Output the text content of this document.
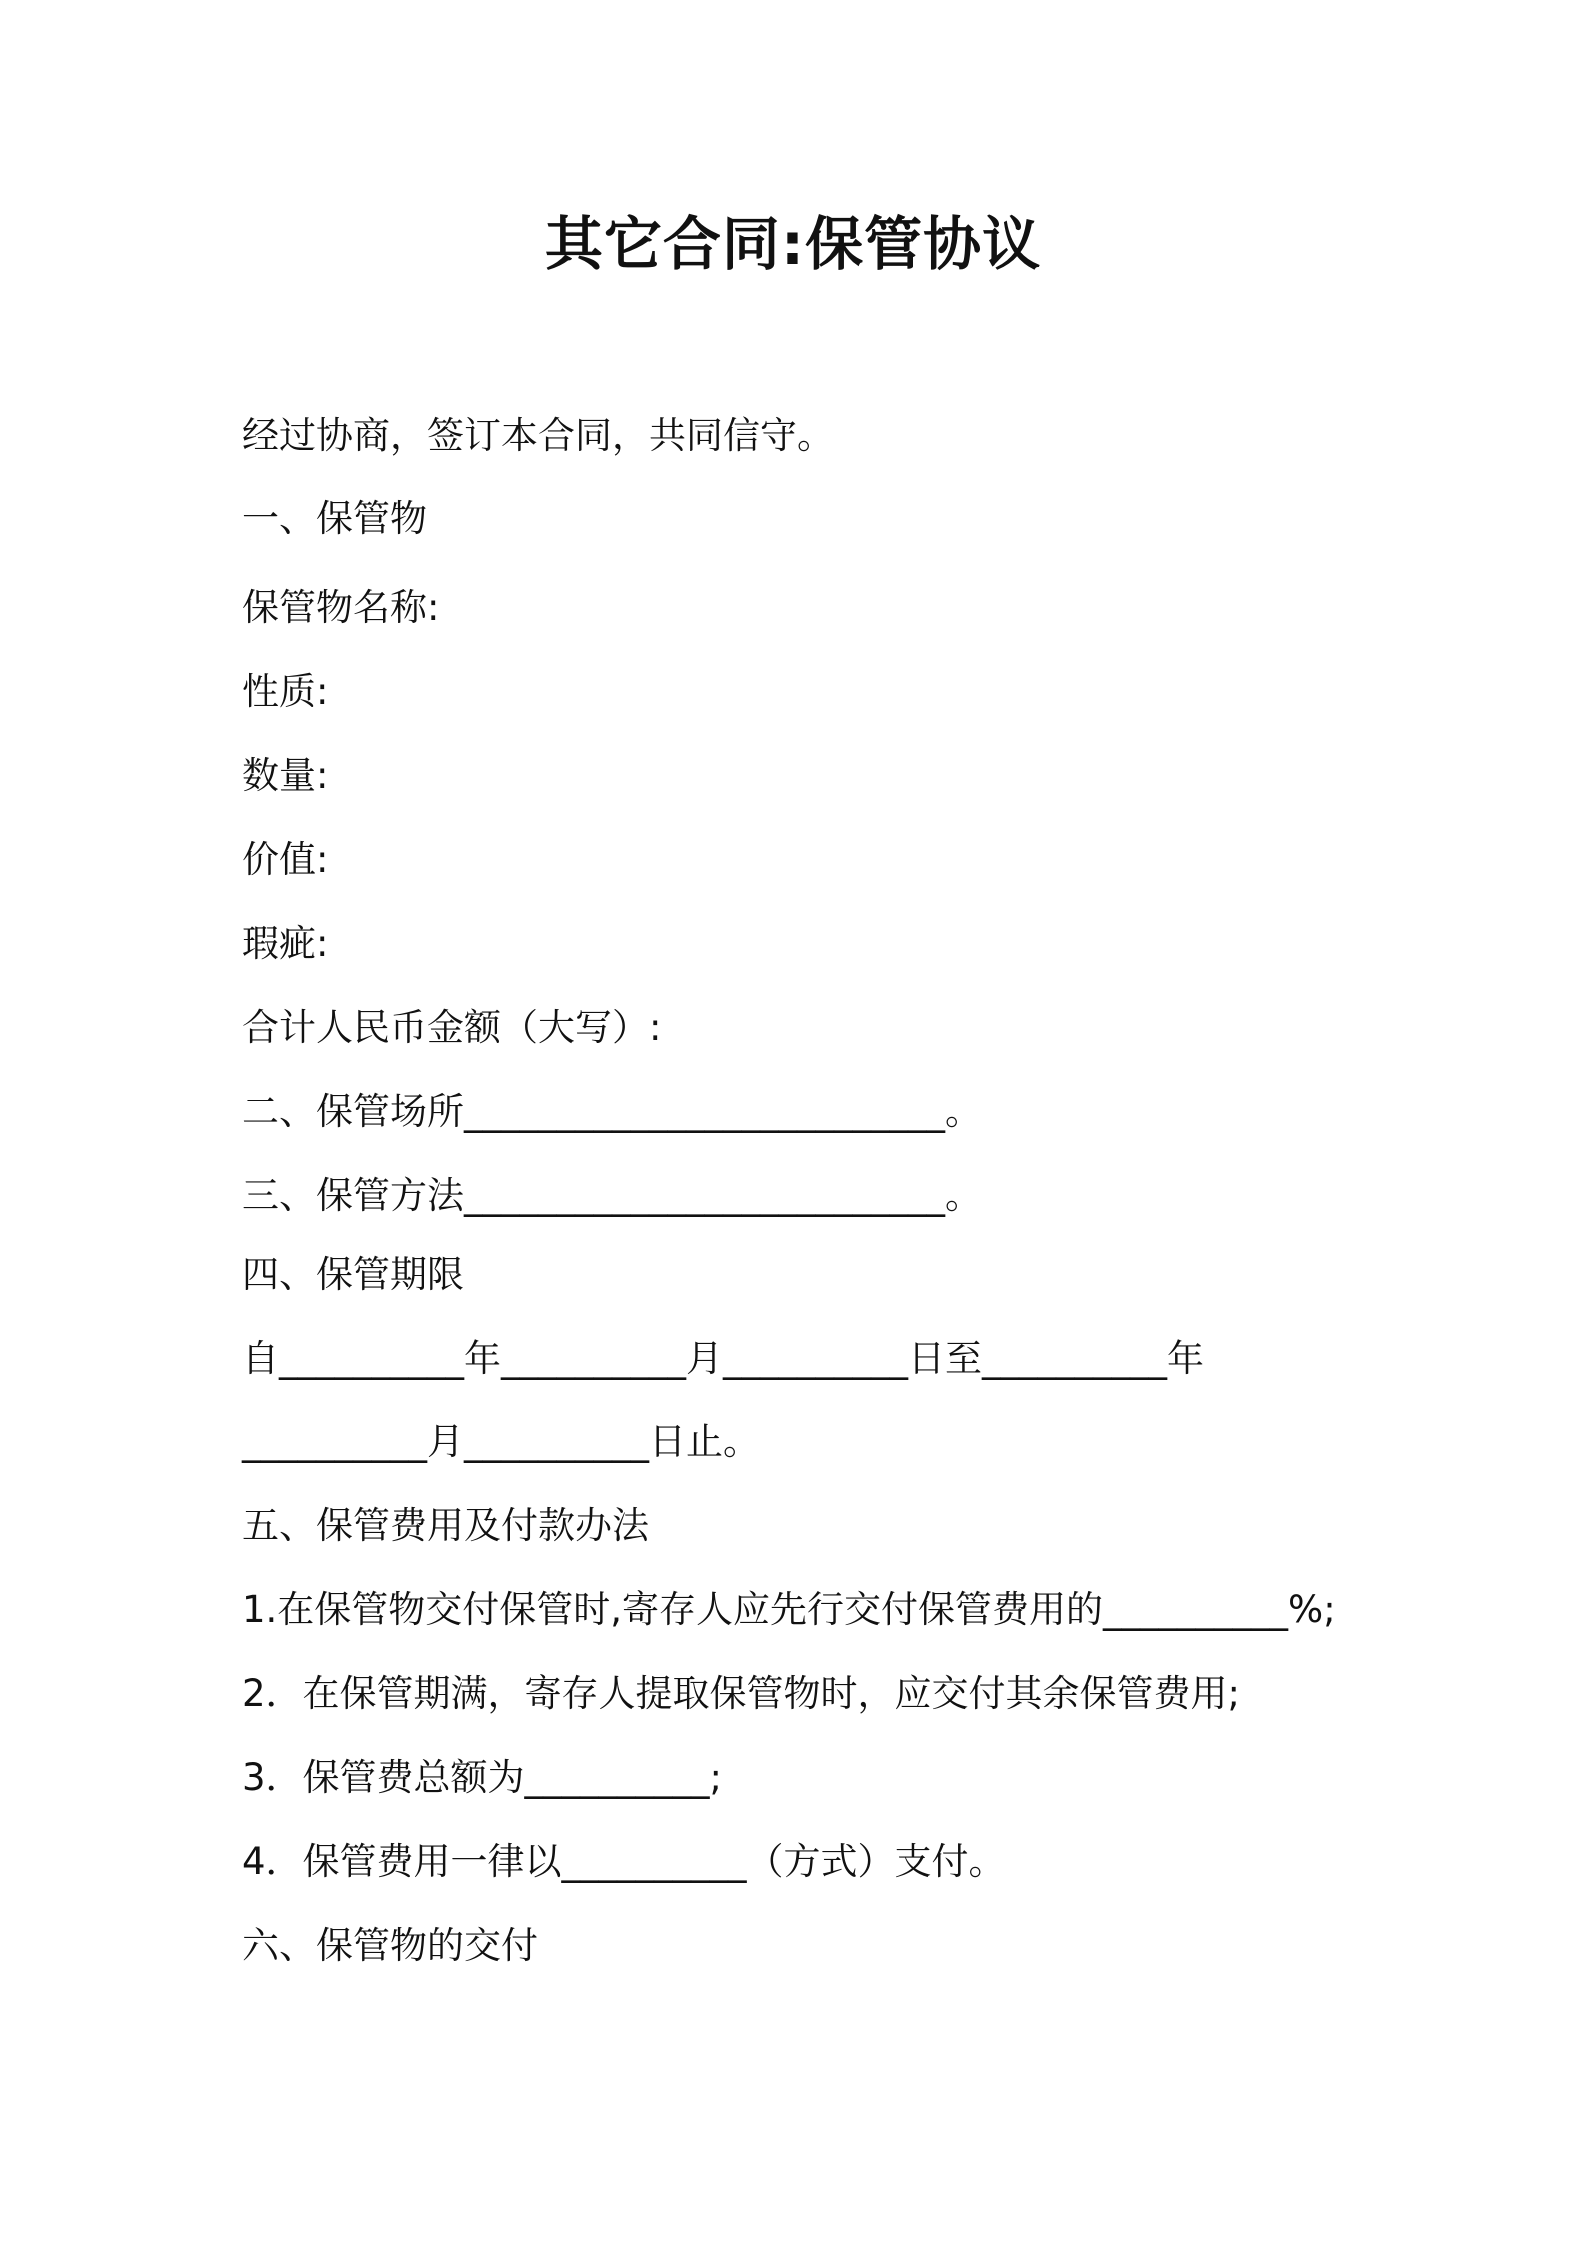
其它合同:保管协议

经过协商，签订本合同，共同信守。

一、保管物

保管物名称:

性质:

数量:

价值:

瑕疵:

合计人民币金额（大写）:

二、保管场所__________________________。

三、保管方法__________________________。

四、保管期限

自__________年__________月__________日至__________年

__________月__________日止。

五、保管费用及付款办法

1.在保管物交付保管时,寄存人应先行交付保管费用的__________%;

2．在保管期满，寄存人提取保管物时，应交付其余保管费用;

3．保管费总额为__________;

4．保管费用一律以__________（方式）支付。

六、保管物的交付
